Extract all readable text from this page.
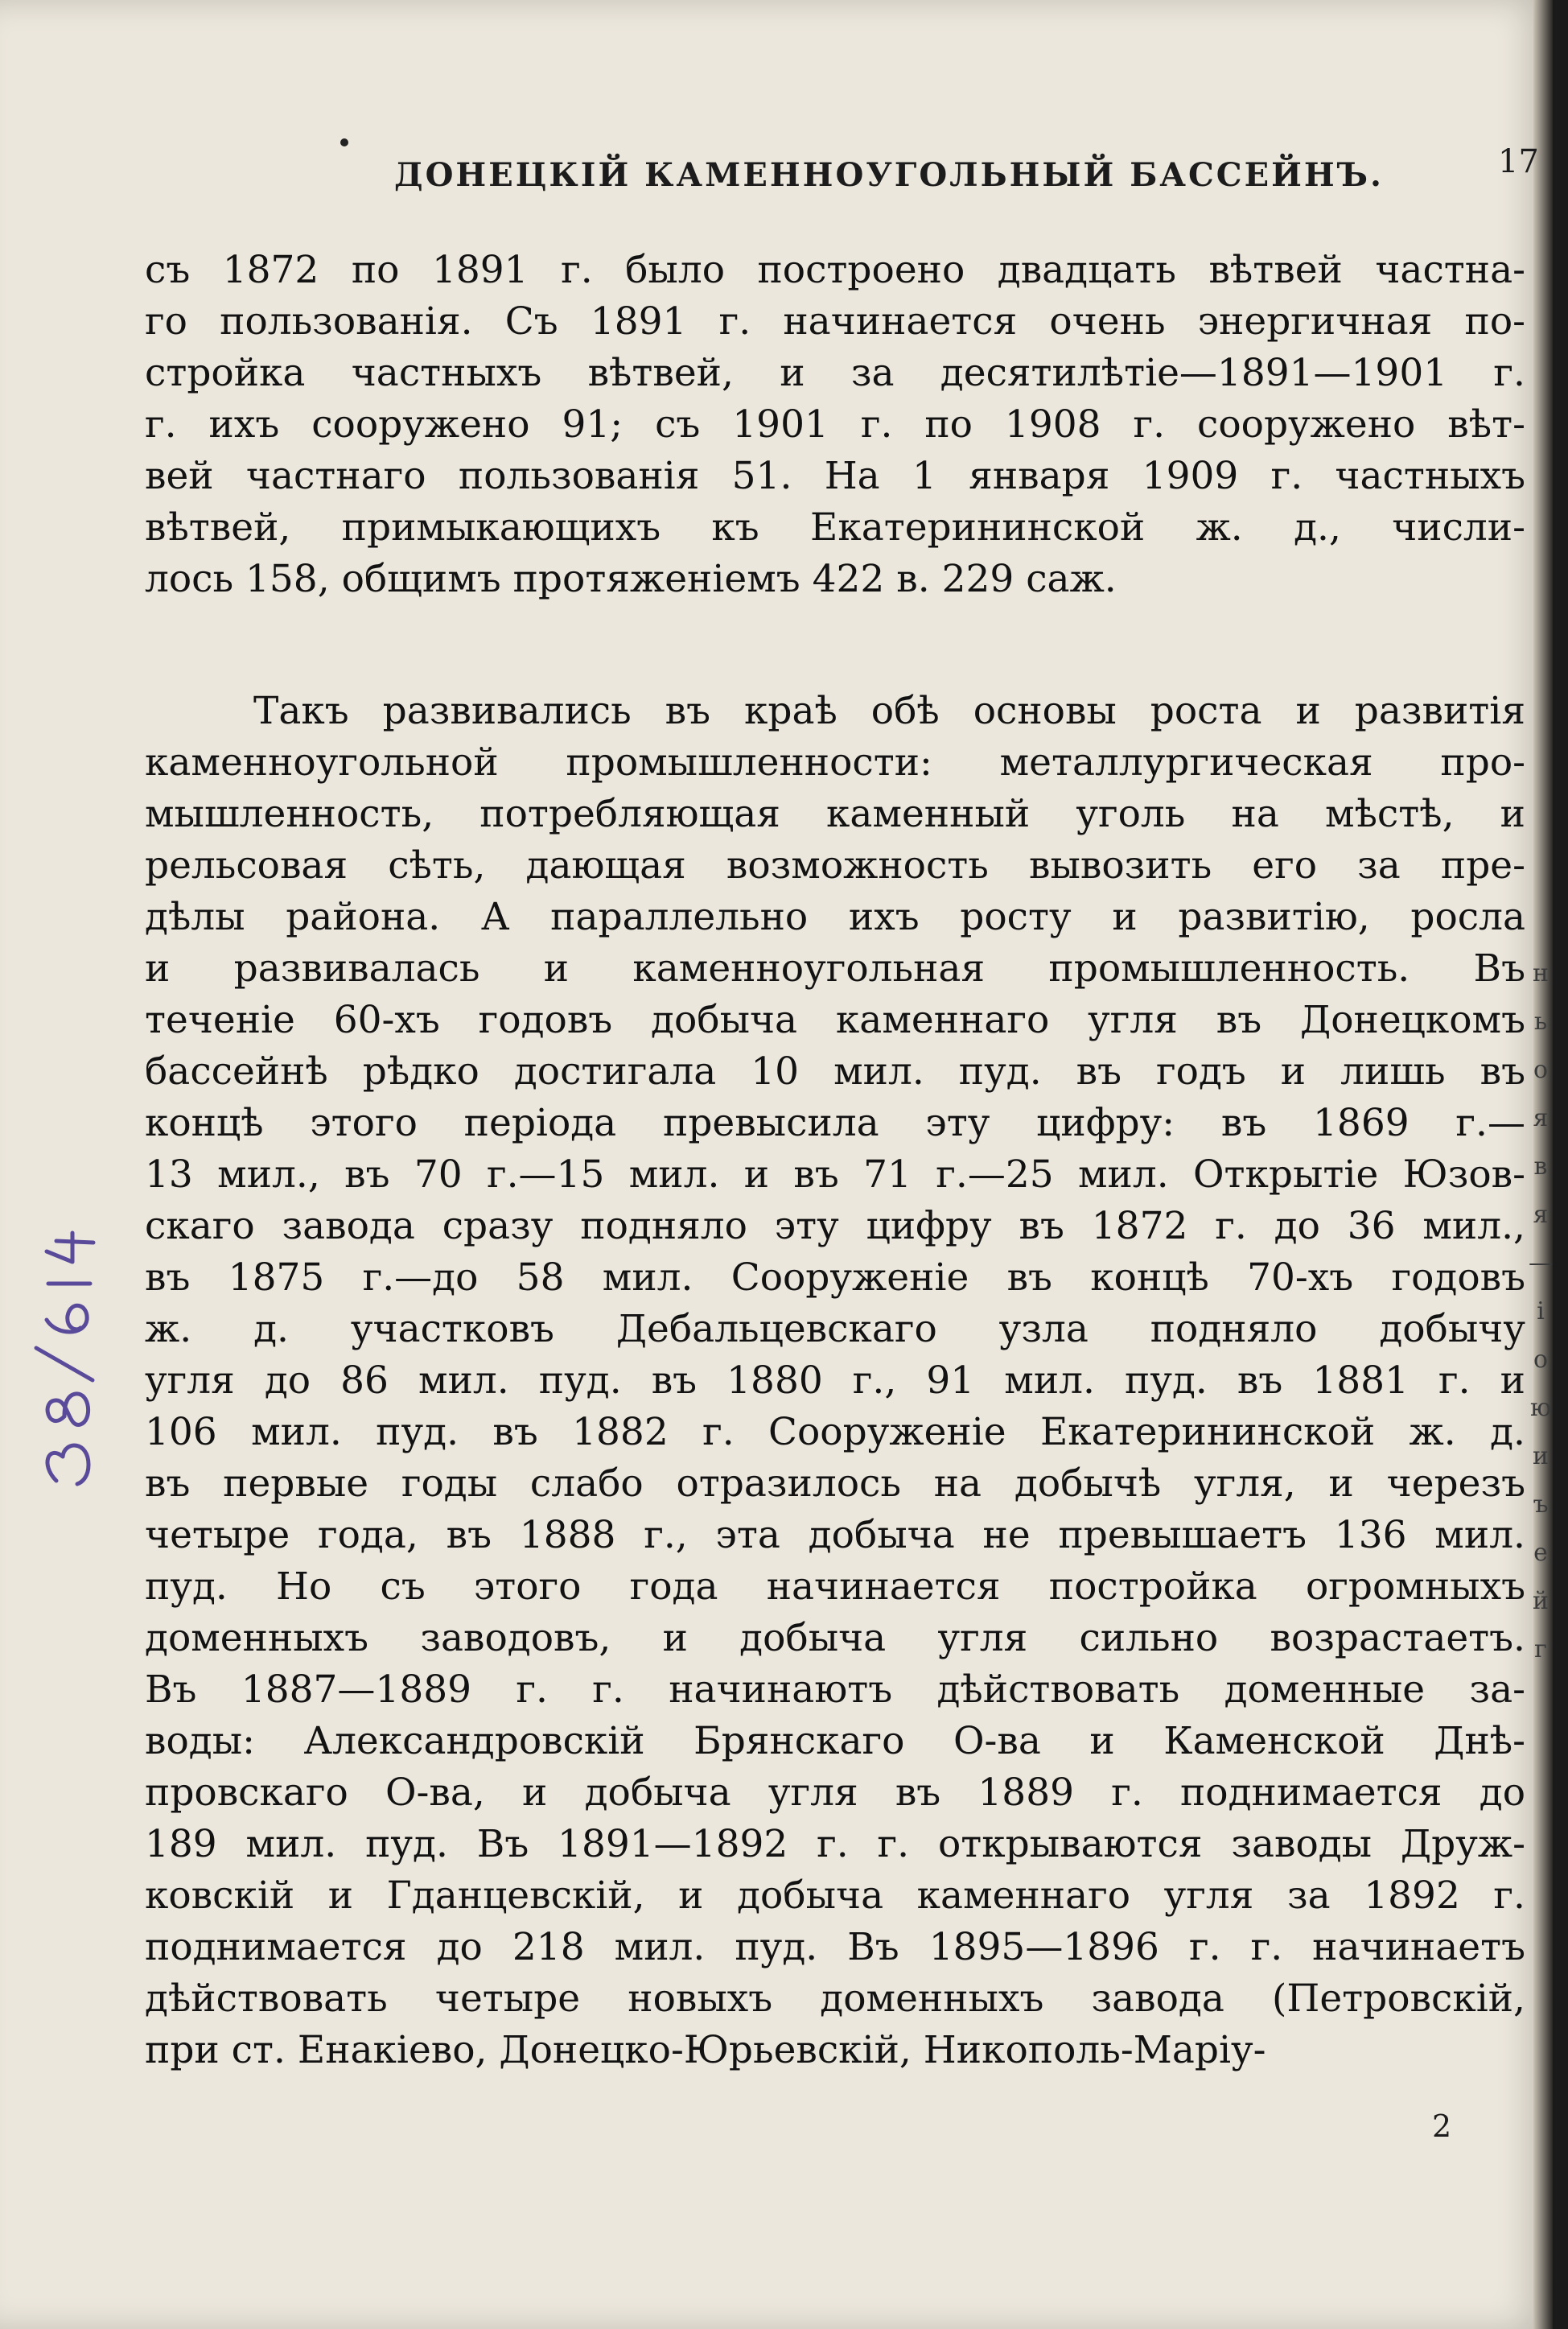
н
ь
о
я
в
я
—
і
о
ю
и
ъ
е
й
г
ДОНЕЦКІЙ КАМЕННОУГОЛЬНЫЙ БАССЕЙНЪ.	17
съ 1872 по 1891 г. было построено двадцать вѣтвей частна-
го пользованія. Съ 1891 г. начинается очень энергичная по-
стройка частныхъ вѣтвей, и за десятилѣтіе—1891—1901 г.
г. ихъ сооружено 91; съ 1901 г. по 1908 г. сооружено вѣт-
вей частнаго пользованія 51. На 1 января 1909 г. частныхъ
вѣтвей, примыкающихъ къ Екатерининской ж. д., числи-
лось 158, общимъ протяженіемъ 422 в. 229 саж.
Такъ развивались въ краѣ обѣ основы роста и развитія
каменноугольной промышленности: металлургическая про-
мышленность, потребляющая каменный уголь на мѣстѣ, и
рельсовая сѣть, дающая возможность вывозить его за пре-
дѣлы района. А параллельно ихъ росту и развитію, росла
и развивалась и каменноугольная промышленность. Въ
теченіе 60-хъ годовъ добыча каменнаго угля въ Донецкомъ
бассейнѣ рѣдко достигала 10 мил. пуд. въ годъ и лишь въ
концѣ этого періода превысила эту цифру: въ 1869 г.—
13 мил., въ 70 г.—15 мил. и въ 71 г.—25 мил. Открытіе Юзов-
скаго завода сразу подняло эту цифру въ 1872 г. до 36 мил.,
въ 1875 г.—до 58 мил. Сооруженіе въ концѣ 70-хъ годовъ
ж. д. участковъ Дебальцевскаго узла подняло добычу
угля до 86 мил. пуд. въ 1880 г., 91 мил. пуд. въ 1881 г. и
106 мил. пуд. въ 1882 г. Сооруженіе Екатерининской ж. д.
въ первые годы слабо отразилось на добычѣ угля, и черезъ
четыре года, въ 1888 г., эта добыча не превышаетъ 136 мил.
пуд. Но съ этого года начинается постройка огромныхъ
доменныхъ заводовъ, и добыча угля сильно возрастаетъ.
Въ 1887—1889 г. г. начинаютъ дѣйствовать доменные за-
воды: Александровскій Брянскаго О-ва и Каменской Днѣ-
провскаго О-ва, и добыча угля въ 1889 г. поднимается до
189 мил. пуд. Въ 1891—1892 г. г. открываются заводы Друж-
ковскій и Гданцевскій, и добыча каменнаго угля за 1892 г.
поднимается до 218 мил. пуд. Въ 1895—1896 г. г. начинаетъ
дѣйствовать четыре новыхъ доменныхъ завода (Петровскій,
при ст. Енакіево, Донецко-Юрьевскій, Никополь-Маріу-
2
